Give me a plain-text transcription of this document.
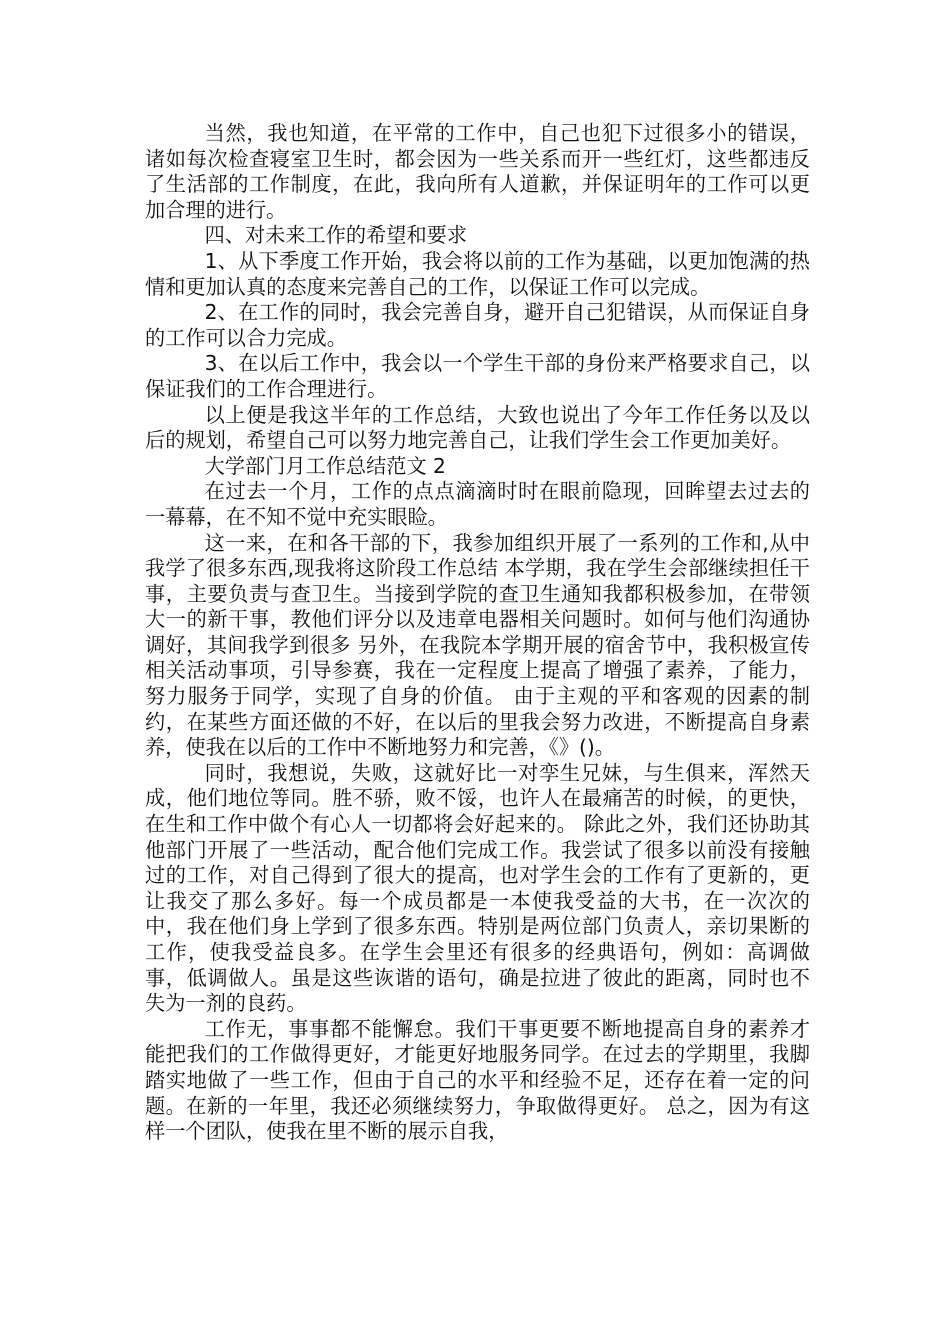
当然，我也知道，在平常的工作中，自己也犯下过很多小的错误，诸如每次检查寝室卫生时，都会因为一些关系而开一些红灯，这些都违反了生活部的工作制度，在此，我向所有人道歉，并保证明年的工作可以更加合理的进行。

四、对未来工作的希望和要求

1、从下季度工作开始，我会将以前的工作为基础，以更加饱满的热情和更加认真的态度来完善自己的工作，以保证工作可以完成。

2、在工作的同时，我会完善自身，避开自己犯错误，从而保证自身的工作可以合力完成。

3、在以后工作中，我会以一个学生干部的身份来严格要求自己，以保证我们的工作合理进行。

以上便是我这半年的工作总结，大致也说出了今年工作任务以及以后的规划，希望自己可以努力地完善自己，让我们学生会工作更加美好。

大学部门月工作总结范文 2

在过去一个月，工作的点点滴滴时时在眼前隐现，回眸望去过去的一幕幕，在不知不觉中充实眼睑。

这一来，在和各干部的下，我参加组织开展了一系列的工作和,从中我学了很多东西,现我将这阶段工作总结 本学期，我在学生会部继续担任干事，主要负责与查卫生。当接到学院的查卫生通知我都积极参加，在带领大一的新干事，教他们评分以及违章电器相关问题时。如何与他们沟通协调好，其间我学到很多 另外，在我院本学期开展的宿舍节中，我积极宣传相关活动事项，引导参赛，我在一定程度上提高了增强了素养，了能力，努力服务于同学，实现了自身的价值。 由于主观的平和客观的因素的制约，在某些方面还做的不好，在以后的里我会努力改进，不断提高自身素养，使我在以后的工作中不断地努力和完善，《》()。

同时，我想说，失败，这就好比一对孪生兄妹，与生俱来，浑然天成，他们地位等同。胜不骄，败不馁，也许人在最痛苦的时候，的更快，在生和工作中做个有心人一切都将会好起来的。 除此之外，我们还协助其他部门开展了一些活动，配合他们完成工作。我尝试了很多以前没有接触过的工作，对自己得到了很大的提高，也对学生会的工作有了更新的，更让我交了那么多好。每一个成员都是一本使我受益的大书，在一次次的中，我在他们身上学到了很多东西。特别是两位部门负责人，亲切果断的工作，使我受益良多。在学生会里还有很多的经典语句，例如：高调做事，低调做人。虽是这些诙谐的语句，确是拉进了彼此的距离，同时也不失为一剂的良药。

工作无，事事都不能懈怠。我们干事更要不断地提高自身的素养才能把我们的工作做得更好，才能更好地服务同学。在过去的学期里，我脚踏实地做了一些工作，但由于自己的水平和经验不足，还存在着一定的问题。在新的一年里，我还必须继续努力，争取做得更好。 总之，因为有这样一个团队，使我在里不断的展示自我，
